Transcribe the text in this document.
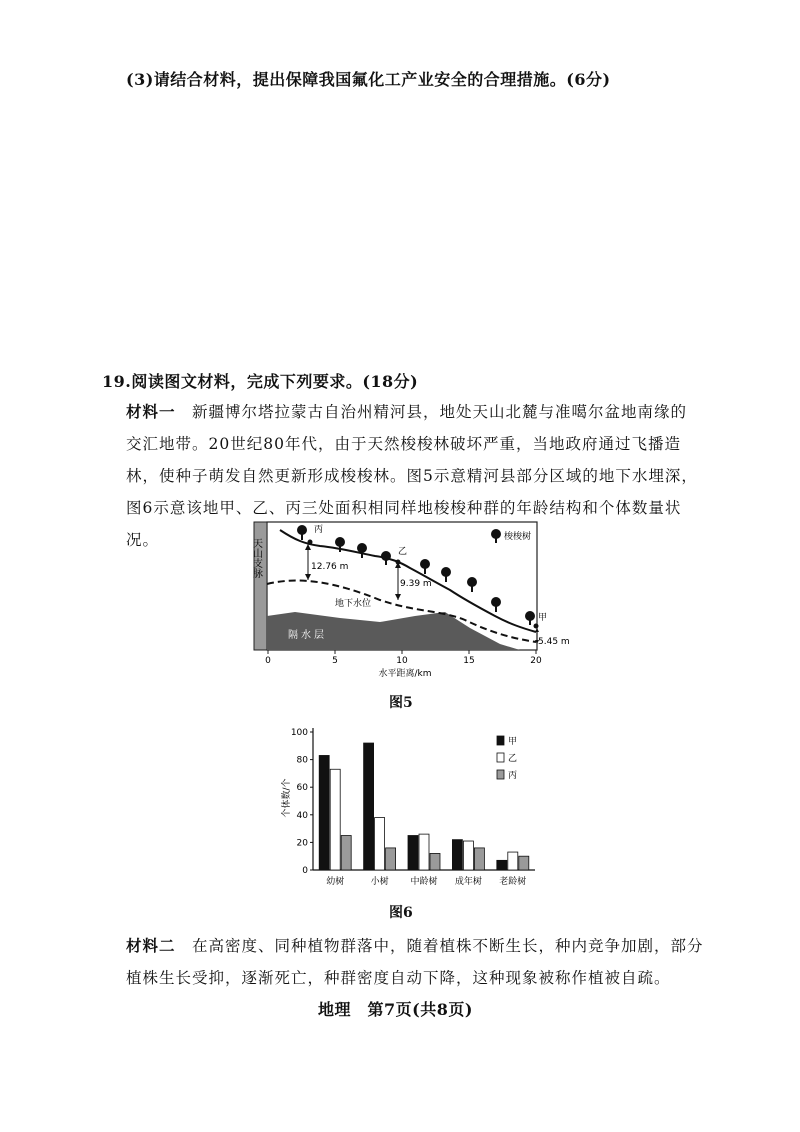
(3)请结合材料，提出保障我国氟化工产业安全的合理措施。(6分)
19.阅读图文材料，完成下列要求。(18分)
材料一　 新疆博尔塔拉蒙古自治州精河县，地处天山北麓与准噶尔盆地南缘的交汇地带。20世纪80年代，由于天然梭梭林破坏严重，当地政府通过飞播造林，使种子萌发自然更新形成梭梭林。图5示意精河县部分区域的地下水埋深，图6示意该地甲、乙、丙三处面积相同样地梭梭种群的年龄结构和个体数量状况。	梭梭树
天山支脉
丙
乙
甲
12.76 m
9.39 m
5.45 m
地下水位
隔水层
0	5	10	15	20
水平距离/km
图5
个体数/个
0
20
40
60
80
100
幼树	小树 中龄树 成年树 老龄树
甲
乙
丙
图6
材料二　 在高密度、同种植物群落中，随着植株不断生长，种内竞争加剧，部分植株生长受抑，逐渐死亡，种群密度自动下降，这种现象被称作植被自疏。
地理　第7页(共8页)
